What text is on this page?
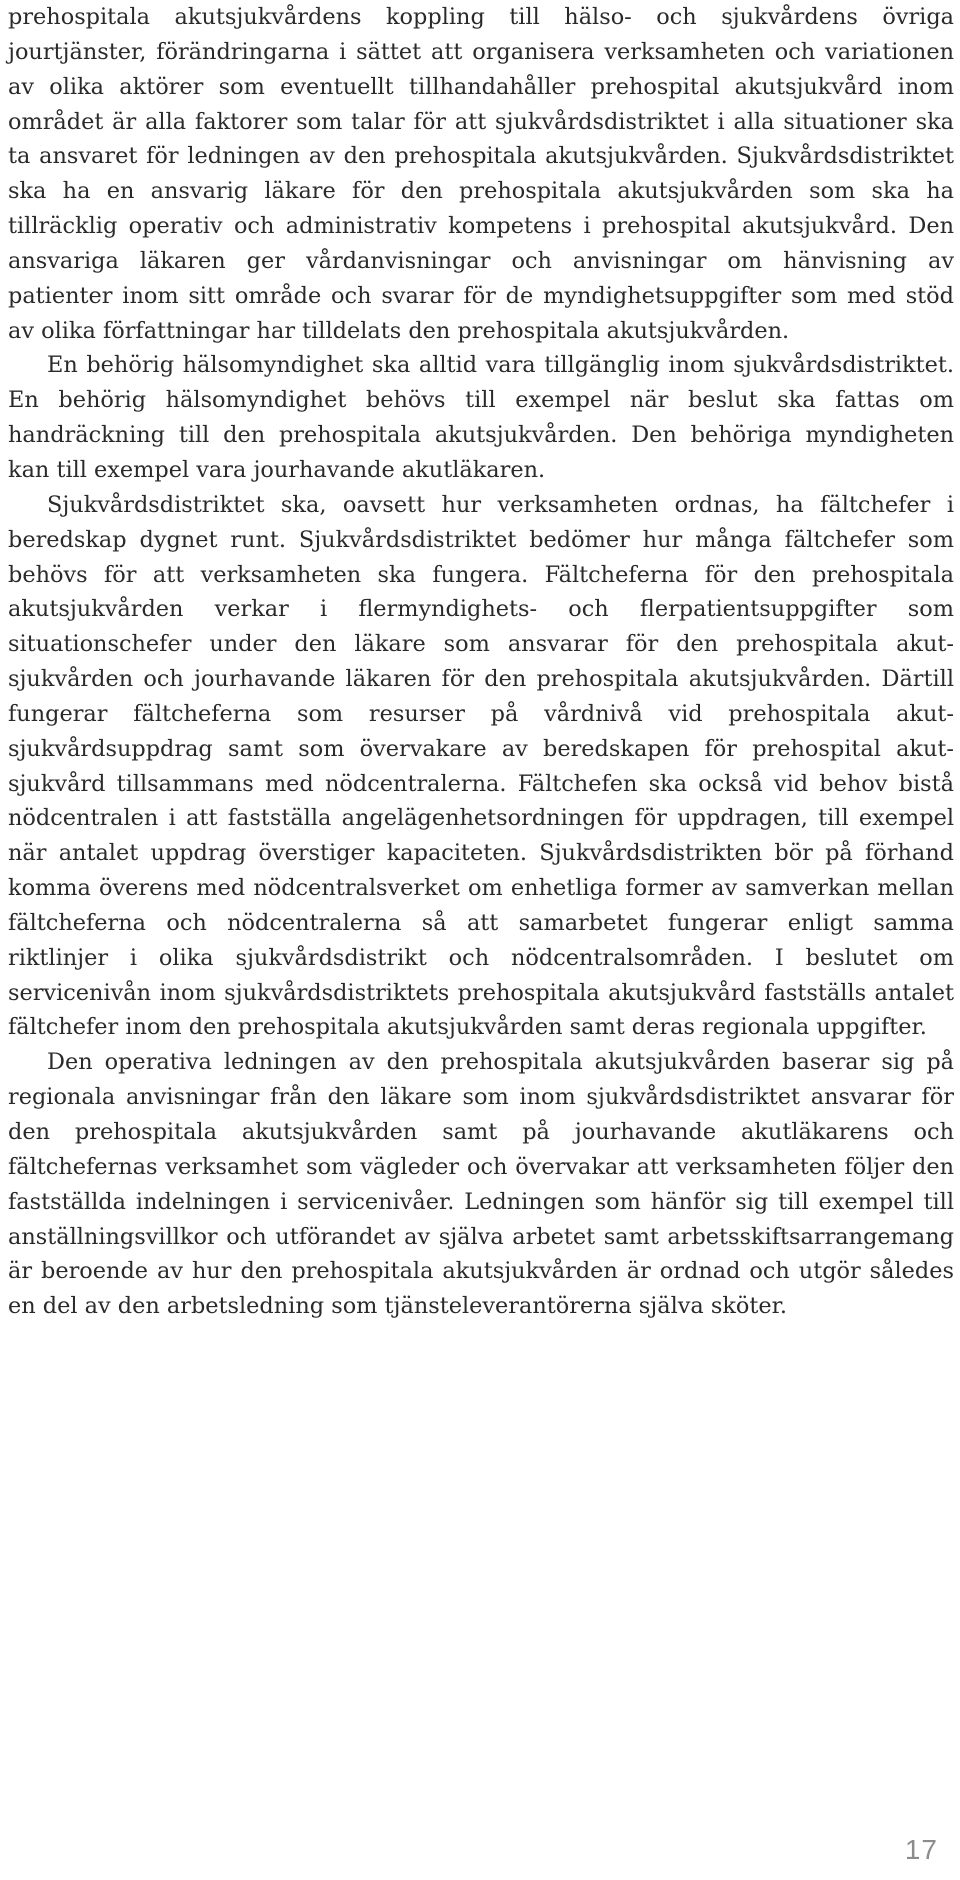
prehospitala akutsjukvårdens koppling till hälso- och sjukvårdens övriga jourtjänster, förändringarna i sättet att organisera verksamheten och variationen av olika aktörer som eventuellt tillhandahåller prehospital akutsjukvård inom området är alla faktorer som talar för att sjukvårdsdistriktet i alla situationer ska ta ansvaret för ledningen av den prehospitala akutsjukvården. Sjukvårdsdistriktet ska ha en ansvarig läkare för den prehospitala akutsjukvården som ska ha tillräcklig operativ och administrativ kompetens i prehospital akutsjukvård. Den ansvariga läkaren ger vårdanvisningar och anvisningar om hänvisning av patienter inom sitt område och svarar för de myndighetsuppgifter som med stöd av olika författningar har tilldelats den prehospitala akutsjukvården.

En behörig hälsomyndighet ska alltid vara tillgänglig inom sjukvårdsdistriktet. En behörig hälsomyndighet behövs till exempel när beslut ska fattas om handräckning till den prehospitala akutsjukvården. Den behöriga myndigheten kan till exempel vara jourhavande akutläkaren.

Sjukvårdsdistriktet ska, oavsett hur verksamheten ordnas, ha fältchefer i beredskap dygnet runt. Sjukvårdsdistriktet bedömer hur många fältchefer som behövs för att verksamheten ska fungera. Fältcheferna för den prehospitala akutsjukvården verkar i flermyndighets- och flerpatientsuppgifter som situationschefer under den läkare som ansvarar för den prehospitala akutsjukvården och jourhavande läkaren för den prehospitala akutsjukvården. Därtill fungerar fältcheferna som resurser på vårdnivå vid prehospitala akutsjukvårdsuppdrag samt som övervakare av beredskapen för prehospital akutsjukvård tillsammans med nödcentralerna. Fältchefen ska också vid behov bistå nödcentralen i att fastställa angelägenhetsordningen för uppdragen, till exempel när antalet uppdrag överstiger kapaciteten. Sjukvårdsdistrikten bör på förhand komma överens med nödcentralsverket om enhetliga former av samverkan mellan fältcheferna och nödcentralerna så att samarbetet fungerar enligt samma riktlinjer i olika sjukvårdsdistrikt och nödcentralsområden. I beslutet om servicenivån inom sjukvårdsdistriktets prehospitala akutsjukvård fastställs antalet fältchefer inom den prehospitala akutsjukvården samt deras regionala uppgifter.

Den operativa ledningen av den prehospitala akutsjukvården baserar sig på regionala anvisningar från den läkare som inom sjukvårdsdistriktet ansvarar för den prehospitala akutsjukvården samt på jourhavande akutläkarens och fältchefernas verksamhet som vägleder och övervakar att verksamheten följer den fastställda indelningen i servicenivåer. Ledningen som hänför sig till exempel till anställningsvillkor och utförandet av själva arbetet samt arbetsskiftsarrangemang är beroende av hur den prehospitala akutsjukvården är ordnad och utgör således en del av den arbetsledning som tjänsteleverantörerna själva sköter.

17
